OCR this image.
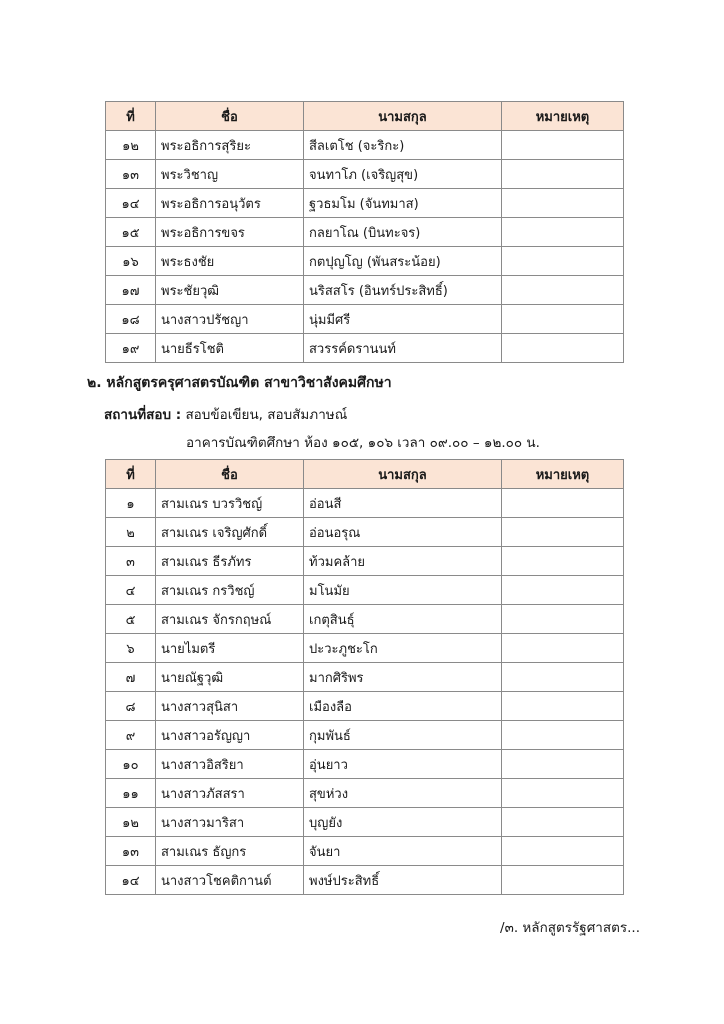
ที่	ชื่อ	นามสกุล	หมายเหตุ
๑๒	พระอธิการสุริยะ	สีลเตโช (จะริกะ)	
๑๓	พระวิชาญ	จนทาโภ (เจริญสุข)	
๑๔	พระอธิการอนุวัตร	ฐวธมโม (จันทมาส)	
๑๕	พระอธิการขจร	กลยาโณ (บินทะจร)	
๑๖	พระธงชัย	กตปุญโญ (พันสระน้อย)	
๑๗	พระชัยวุฒิ	นริสสโร (อินทร์ประสิทธิ์)	
๑๘	นางสาวปรัชญา	นุ่มมีศรี	
๑๙	นายธีรโชติ	สวรรค์ดรานนท์	
๒. หลักสูตรครุศาสตรบัณฑิต สาขาวิชาสังคมศึกษา
สถานที่สอบ : สอบข้อเขียน, สอบสัมภาษณ์
อาคารบัณฑิตศึกษา ห้อง ๑๐๕, ๑๐๖ เวลา ๐๙.๐๐ – ๑๒.๐๐ น.
ที่	ชื่อ	นามสกุล	หมายเหตุ
๑	สามเณร บวรวิชญ์	อ่อนสี	
๒	สามเณร เจริญศักดิ์	อ่อนอรุณ	
๓	สามเณร ธีรภัทร	ท้วมคล้าย	
๔	สามเณร กรวิชญ์	มโนมัย	
๕	สามเณร จักรกฤษณ์	เกตุสินธุ์	
๖	นายไมตรี	ปะวะภูชะโก	
๗	นายณัฐวุฒิ	มากศิริพร	
๘	นางสาวสุนิสา	เมืองลือ	
๙	นางสาวอรัญญา	กุมพันธ์	
๑๐	นางสาวอิสริยา	อุ่นยาว	
๑๑	นางสาวภัสสรา	สุขห่วง	
๑๒	นางสาวมาริสา	บุญยัง	
๑๓	สามเณร ธัญกร	จันยา	
๑๔	นางสาวโชคติกานต์	พงษ์ประสิทธิ์	
/๓. หลักสูตรรัฐศาสตร...
